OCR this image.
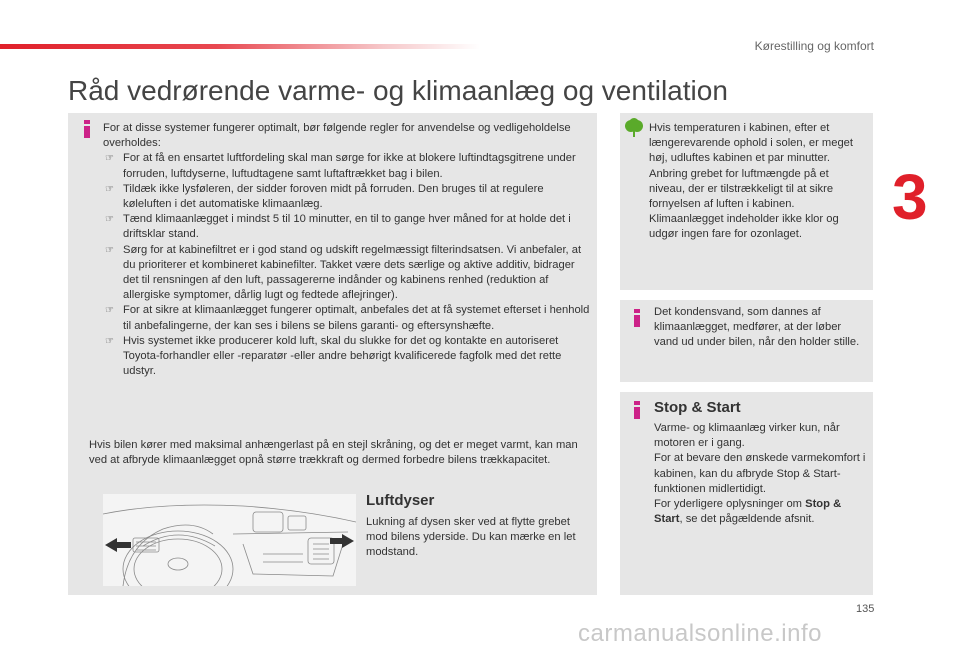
Kørestilling og komfort
3
Råd vedrørende varme- og klimaanlæg og ventilation

For at disse systemer fungerer optimalt, bør følgende regler for anvendelse og vedligeholdelse overholdes:

☞ For at få en ensartet luftfordeling skal man sørge for ikke at blokere luftindtagsgitrene under forruden, luftdyserne, luftudtagene samt luftaftrækket bag i bilen.
☞ Tildæk ikke lysføleren, der sidder foroven midt på forruden. Den bruges til at regulere køleluften i det automatiske klimaanlæg.
☞ Tænd klimaanlægget i mindst 5 til 10 minutter, en til to gange hver måned for at holde det i driftsklar stand.
☞ Sørg for at kabinefiltret er i god stand og udskift regelmæssigt filterindsatsen. Vi anbefaler, at du prioriterer et kombineret kabinefilter. Takket være dets særlige og aktive additiv, bidrager det til rensningen af den luft, passagererne indånder og kabinens renhed (reduktion af allergiske symptomer, dårlig lugt og fedtede aflejringer).
☞ For at sikre at klimaanlægget fungerer optimalt, anbefales det at få systemet efterset i henhold til anbefalingerne, der kan ses i bilens se bilens garanti- og eftersynshæfte.
☞ Hvis systemet ikke producerer kold luft, skal du slukke for det og kontakte en autoriseret Toyota-forhandler eller -reparatør -eller andre behørigt kvalificerede fagfolk med det rette udstyr.
Hvis bilen kører med maksimal anhængerlast på en stejl skråning, og det er meget varmt, kan man ved at afbryde klimaanlægget opnå større trækkraft og dermed forbedre bilens trækkapacitet.
Luftdyser
Lukning af dysen sker ved at flytte grebet mod bilens yderside. Du kan mærke en let modstand.
Hvis temperaturen i kabinen, efter et længerevarende ophold i solen, er meget høj, udluftes kabinen et par minutter.
Anbring grebet for luftmængde på et niveau, der er tilstrækkeligt til at sikre fornyelsen af luften i kabinen.
Klimaanlægget indeholder ikke klor og udgør ingen fare for ozonlaget.
Det kondensvand, som dannes af klimaanlægget, medfører, at der løber vand ud under bilen, når den holder stille.
Stop & Start

Varme- og klimaanlæg virker kun, når motoren er i gang.

For at bevare den ønskede varmekomfort i kabinen, kan du afbryde Stop & Start-funktionen midlertidigt.

For yderligere oplysninger om Stop & Start, se det pågældende afsnit.

135
carmanualsonline.info
